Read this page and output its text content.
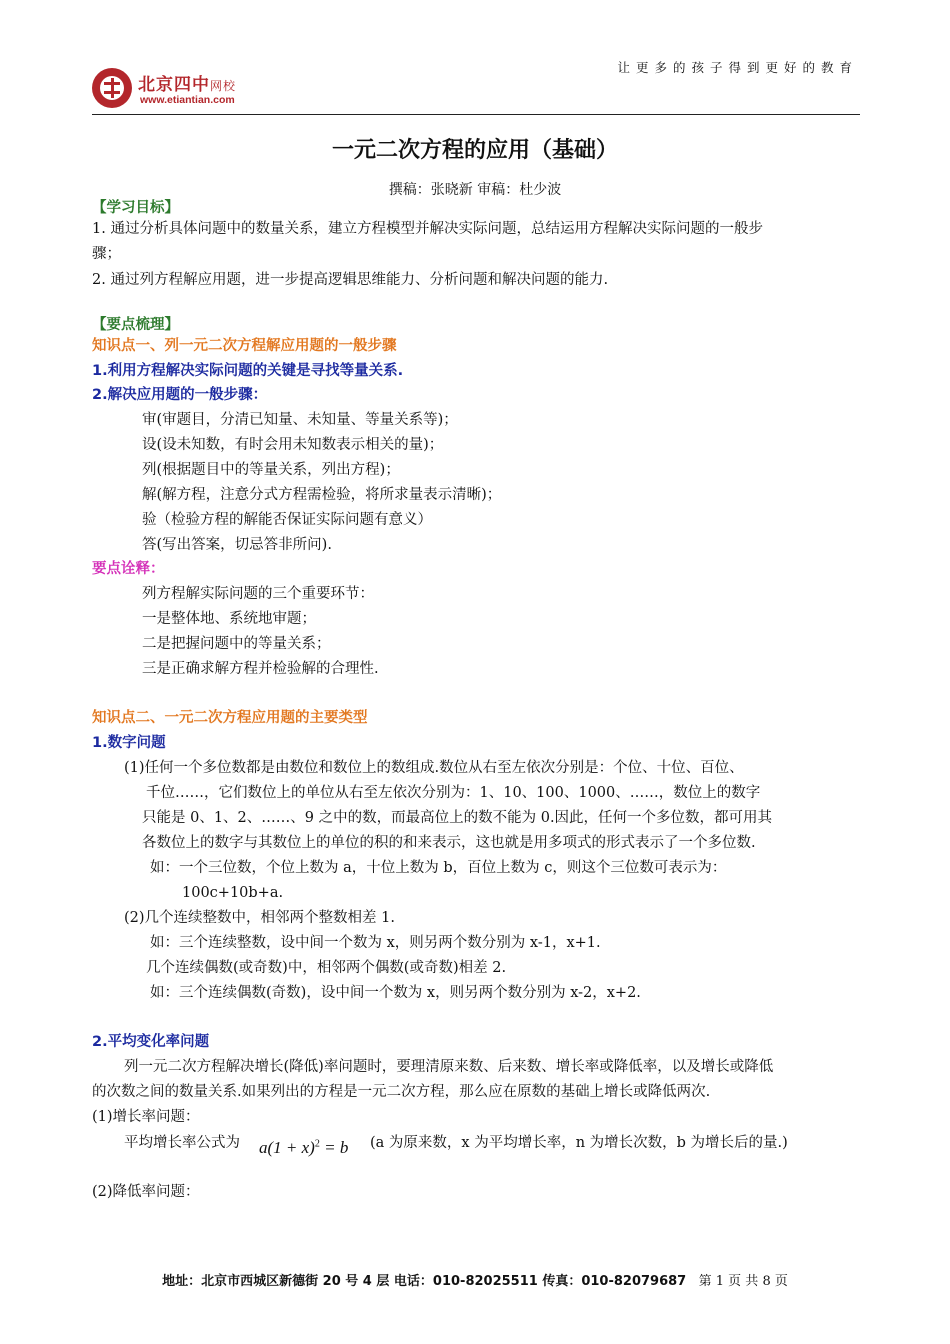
北京四中网校
www.etiantian.com
让更多的孩子得到更好的教育
一元二次方程的应用（基础）
撰稿：张晓新 审稿：杜少波
【学习目标】
1. 通过分析具体问题中的数量关系，建立方程模型并解决实际问题，总结运用方程解决实际问题的一般步
骤；
2. 通过列方程解应用题，进一步提高逻辑思维能力、分析问题和解决问题的能力.
【要点梳理】
知识点一、列一元二次方程解应用题的一般步骤
1.利用方程解决实际问题的关键是寻找等量关系.
2.解决应用题的一般步骤：
审(审题目，分清已知量、未知量、等量关系等)；
设(设未知数，有时会用未知数表示相关的量)；
列(根据题目中的等量关系，列出方程)；
解(解方程，注意分式方程需检验，将所求量表示清晰)；
验（检验方程的解能否保证实际问题有意义）
答(写出答案，切忌答非所问).
要点诠释：
列方程解实际问题的三个重要环节：
一是整体地、系统地审题；
二是把握问题中的等量关系；
三是正确求解方程并检验解的合理性.
知识点二、一元二次方程应用题的主要类型
1.数字问题
(1)任何一个多位数都是由数位和数位上的数组成.数位从右至左依次分别是：个位、十位、百位、
千位……，它们数位上的单位从右至左依次分别为：1、10、100、1000、……，数位上的数字
只能是 0、1、2、……、9 之中的数，而最高位上的数不能为 0.因此，任何一个多位数，都可用其
各数位上的数字与其数位上的单位的积的和来表示，这也就是用多项式的形式表示了一个多位数.
如：一个三位数，个位上数为 a，十位上数为 b，百位上数为 c，则这个三位数可表示为：
100c+10b+a.
(2)几个连续整数中，相邻两个整数相差 1.
如：三个连续整数，设中间一个数为 x，则另两个数分别为 x-1，x+1.
几个连续偶数(或奇数)中，相邻两个偶数(或奇数)相差 2.
如：三个连续偶数(奇数)，设中间一个数为 x，则另两个数分别为 x-2，x+2.
2.平均变化率问题
列一元二次方程解决增长(降低)率问题时，要理清原来数、后来数、增长率或降低率，以及增长或降低
的次数之间的数量关系.如果列出的方程是一元二次方程，那么应在原数的基础上增长或降低两次.
(1)增长率问题：
平均增长率公式为	(a 为原来数，x 为平均增长率，n 为增长次数，b 为增长后的量.)
(2)降低率问题：
$a(1 + x)^2 = b$
地址：北京市西城区新德街 20 号 4 层 电话：010-82025511 传真：010-82079687 第 1 页 共 8 页
